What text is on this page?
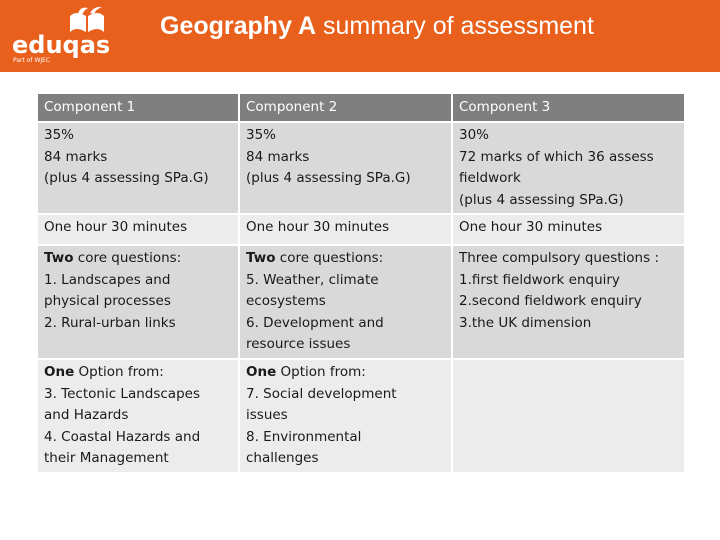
eduqas
Part of WJEC
Geography A summary of assessment
Component 1	Component 2	Component 3

35%
84 marks
(plus 4 assessing SPa.G)	35%
84 marks
(plus 4 assessing SPa.G)	30%
72 marks of which 36 assess
fieldwork
(plus 4 assessing SPa.G)

One hour 30 minutes	One hour 30 minutes	One hour 30 minutes

Two core questions:
1. Landscapes and
physical processes
2. Rural-urban links	Two core questions:
5. Weather, climate
ecosystems
6. Development and
resource issues	Three compulsory questions :
1.first fieldwork enquiry
2.second fieldwork enquiry
3.the UK dimension

One Option from:
3. Tectonic Landscapes
and Hazards
4. Coastal Hazards and
their Management	One Option from:
7. Social development
issues
8. Environmental
challenges	
